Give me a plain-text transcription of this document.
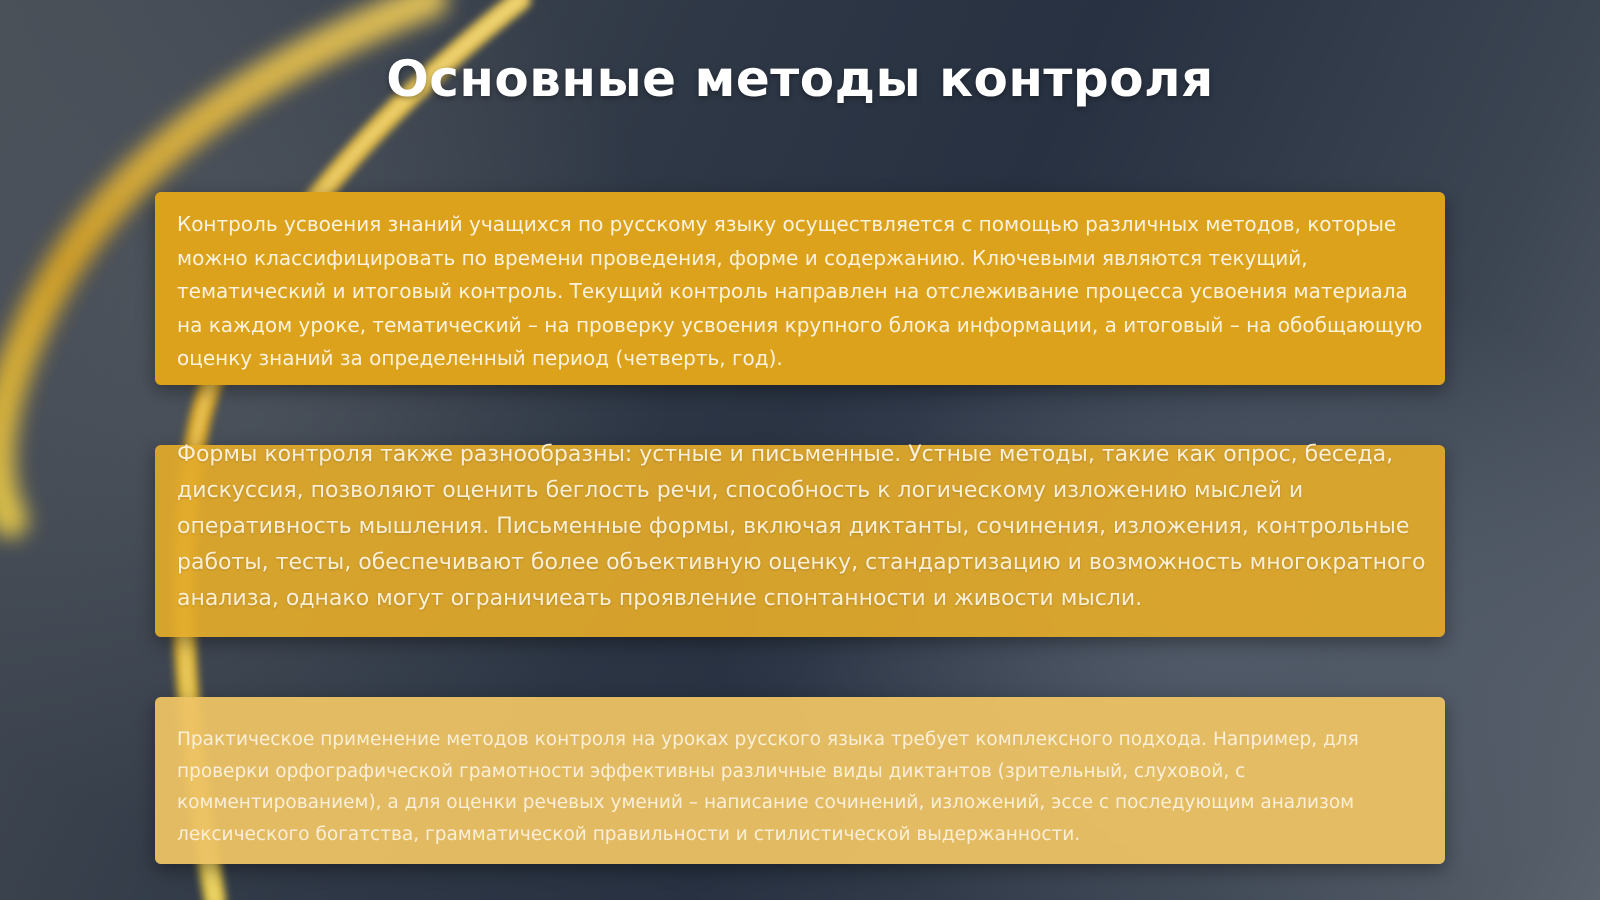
Основные методы контроля

Контроль усвоения знаний учащихся по русскому языку осуществляется с помощью различных методов, которые можно классифицировать по времени проведения, форме и содержанию. Ключевыми являются текущий, тематический и итоговый контроль. Текущий контроль направлен на отслеживание процесса усвоения материала на каждом уроке, тематический – на проверку усвоения крупного блока информации, а итоговый – на обобщающую оценку знаний за определенный период (четверть, год).

Формы контроля также разнообразны: устные и письменные. Устные методы, такие как опрос, беседа, дискуссия, позволяют оценить беглость речи, способность к логическому изложению мыслей и оперативность мышления. Письменные формы, включая диктанты, сочинения, изложения, контрольные работы, тесты, обеспечивают более объективную оценку, стандартизацию и возможность многократного анализа, однако могут ограничиеать проявление спонтанности и живости мысли.

Практическое применение методов контроля на уроках русского языка требует комплексного подхода. Например, для проверки орфографической грамотности эффективны различные виды диктантов (зрительный, слуховой, с комментированием), а для оценки речевых умений – написание сочинений, изложений, эссе с последующим анализом лексического богатства, грамматической правильности и стилистической выдержанности.
